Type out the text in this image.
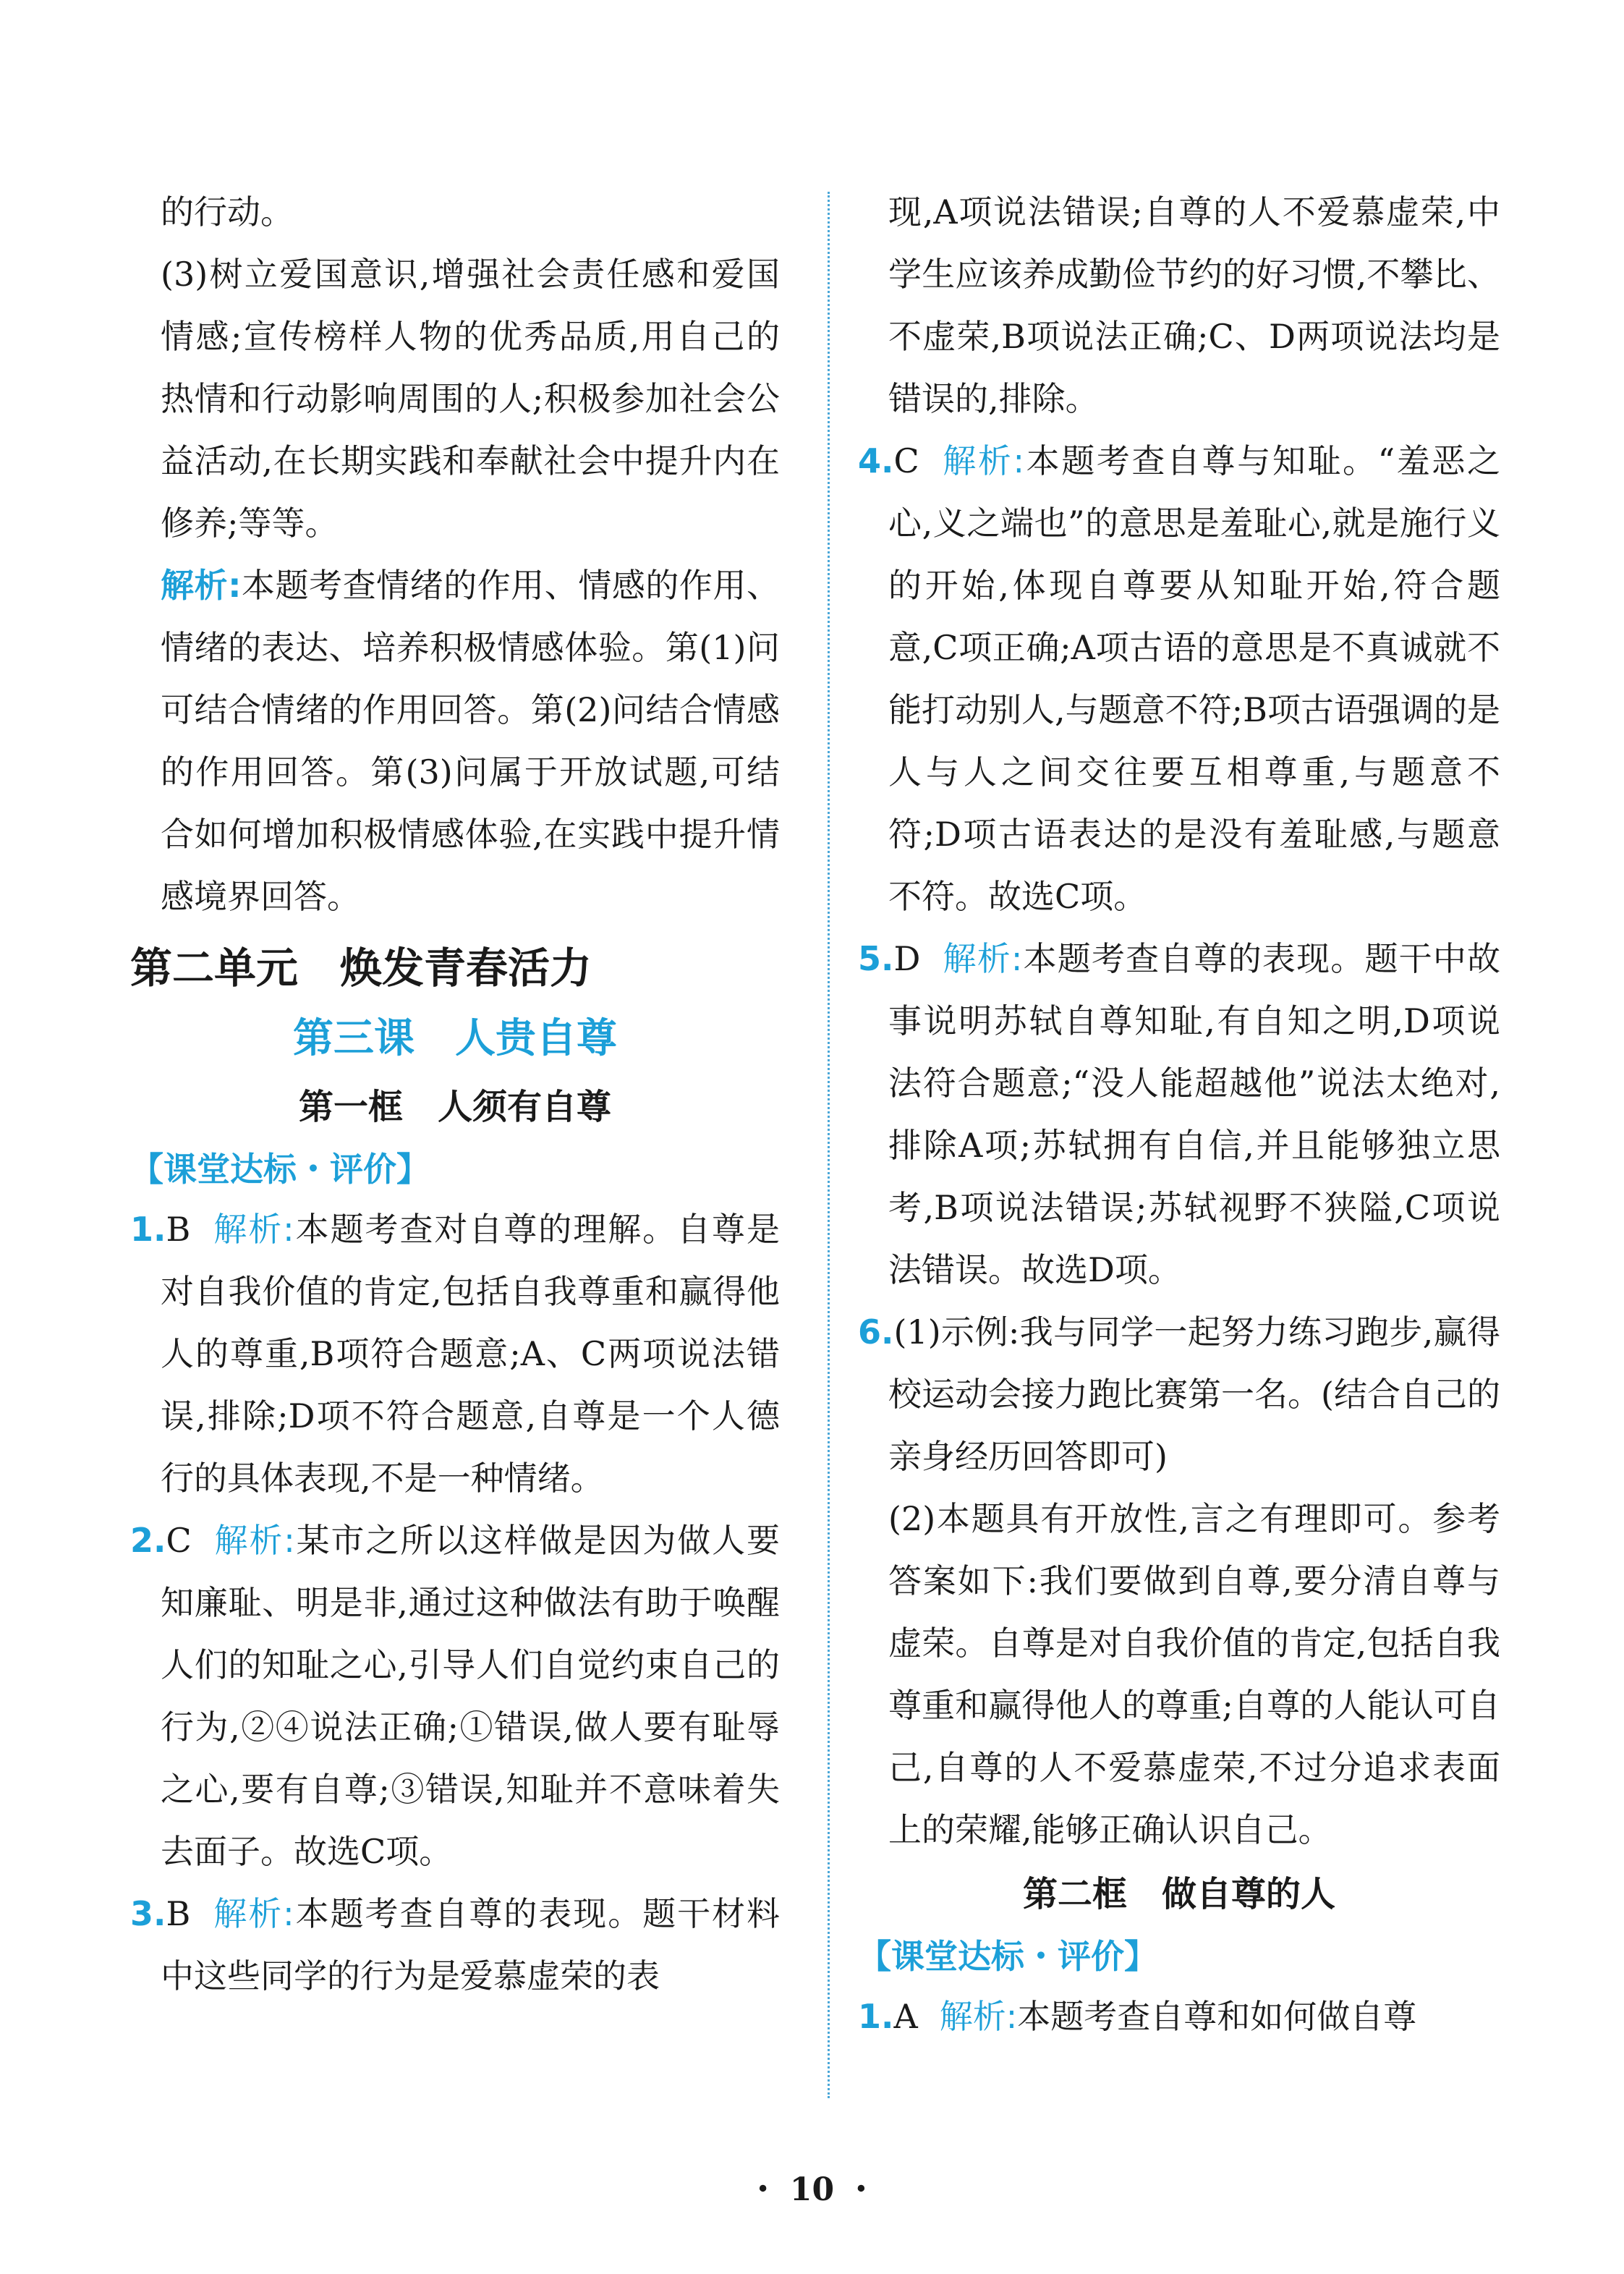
的行动。

(3)树立爱国意识,增强社会责任感和爱国情感;宣传榜样人物的优秀品质,用自己的热情和行动影响周围的人;积极参加社会公益活动,在长期实践和奉献社会中提升内在修养;等等。

解析:本题考查情绪的作用、情感的作用、情绪的表达、培养积极情感体验。第(1)问可结合情绪的作用回答。第(2)问结合情感的作用回答。第(3)问属于开放试题,可结合如何增加积极情感体验,在实践中提升情感境界回答。

第二单元　焕发青春活力
第三课　人贵自尊
第一框　人须有自尊
【课堂达标・评价】

1.B 解析:本题考查对自尊的理解。自尊是对自我价值的肯定,包括自我尊重和赢得他人的尊重,B项符合题意;A、C两项说法错误,排除;D项不符合题意,自尊是一个人德行的具体表现,不是一种情绪。

2.C 解析:某市之所以这样做是因为做人要知廉耻、明是非,通过这种做法有助于唤醒人们的知耻之心,引导人们自觉约束自己的行为,②④说法正确;①错误,做人要有耻辱之心,要有自尊;③错误,知耻并不意味着失去面子。故选C项。

3.B 解析:本题考查自尊的表现。题干材料中这些同学的行为是爱慕虚荣的表

现,A项说法错误;自尊的人不爱慕虚荣,中学生应该养成勤俭节约的好习惯,不攀比、不虚荣,B项说法正确;C、D两项说法均是错误的,排除。

4.C 解析:本题考查自尊与知耻。“羞恶之心,义之端也”的意思是羞耻心,就是施行义的开始,体现自尊要从知耻开始,符合题意,C项正确;A项古语的意思是不真诚就不能打动别人,与题意不符;B项古语强调的是人与人之间交往要互相尊重,与题意不符;D项古语表达的是没有羞耻感,与题意不符。故选C项。

5.D 解析:本题考查自尊的表现。题干中故事说明苏轼自尊知耻,有自知之明,D项说法符合题意;“没人能超越他”说法太绝对,排除A项;苏轼拥有自信,并且能够独立思考,B项说法错误;苏轼视野不狭隘,C项说法错误。故选D项。

6.(1)示例:我与同学一起努力练习跑步,赢得校运动会接力跑比赛第一名。(结合自己的亲身经历回答即可)

(2)本题具有开放性,言之有理即可。参考答案如下:我们要做到自尊,要分清自尊与虚荣。自尊是对自我价值的肯定,包括自我尊重和赢得他人的尊重;自尊的人能认可自己,自尊的人不爱慕虚荣,不过分追求表面上的荣耀,能够正确认识自己。

第二框　做自尊的人
【课堂达标・评价】

1.A 解析:本题考查自尊和如何做自尊

・ 10 ・
